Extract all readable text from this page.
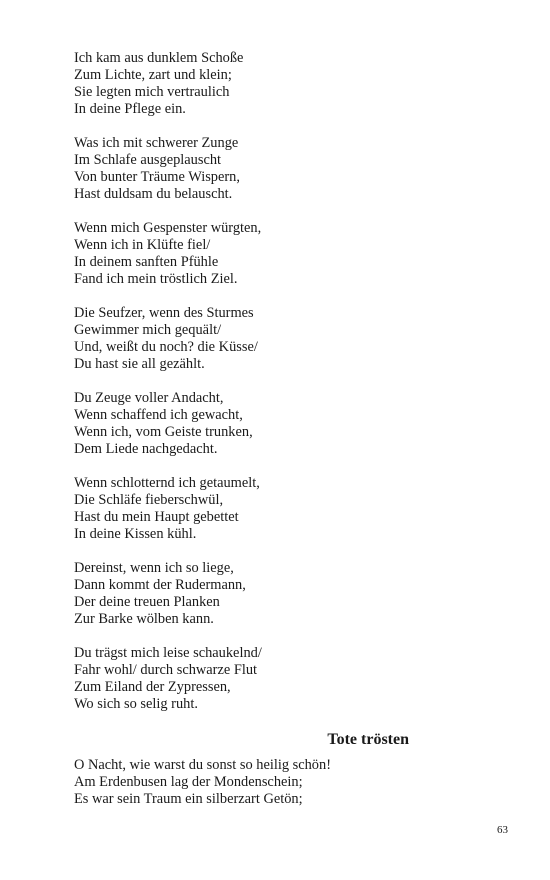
Ich kam aus dunklem Schoße
Zum Lichte, zart und klein;
Sie legten mich vertraulich
In deine Pflege ein.
Was ich mit schwerer Zunge
Im Schlafe ausgeplauscht
Von bunter Träume Wispern,
Hast duldsam du belauscht.
Wenn mich Gespenster würgten,
Wenn ich in Klüfte fiel/
In deinem sanften Pfühle
Fand ich mein tröstlich Ziel.
Die Seufzer, wenn des Sturmes
Gewimmer mich gequält/
Und, weißt du noch? die Küsse/
Du hast sie all gezählt.
Du Zeuge voller Andacht,
Wenn schaffend ich gewacht,
Wenn ich, vom Geiste trunken,
Dem Liede nachgedacht.
Wenn schlotternd ich getaumelt,
Die Schläfe fieberschwül,
Hast du mein Haupt gebettet
In deine Kissen kühl.
Dereinst, wenn ich so liege,
Dann kommt der Rudermann,
Der deine treuen Planken
Zur Barke wölben kann.
Du trägst mich leise schaukelnd/
Fahr wohl/ durch schwarze Flut
Zum Eiland der Zypressen,
Wo sich so selig ruht.
Tote trösten
O Nacht, wie warst du sonst so heilig schön!
Am Erdenbusen lag der Mondenschein;
Es war sein Traum ein silberzart Getön;
63
